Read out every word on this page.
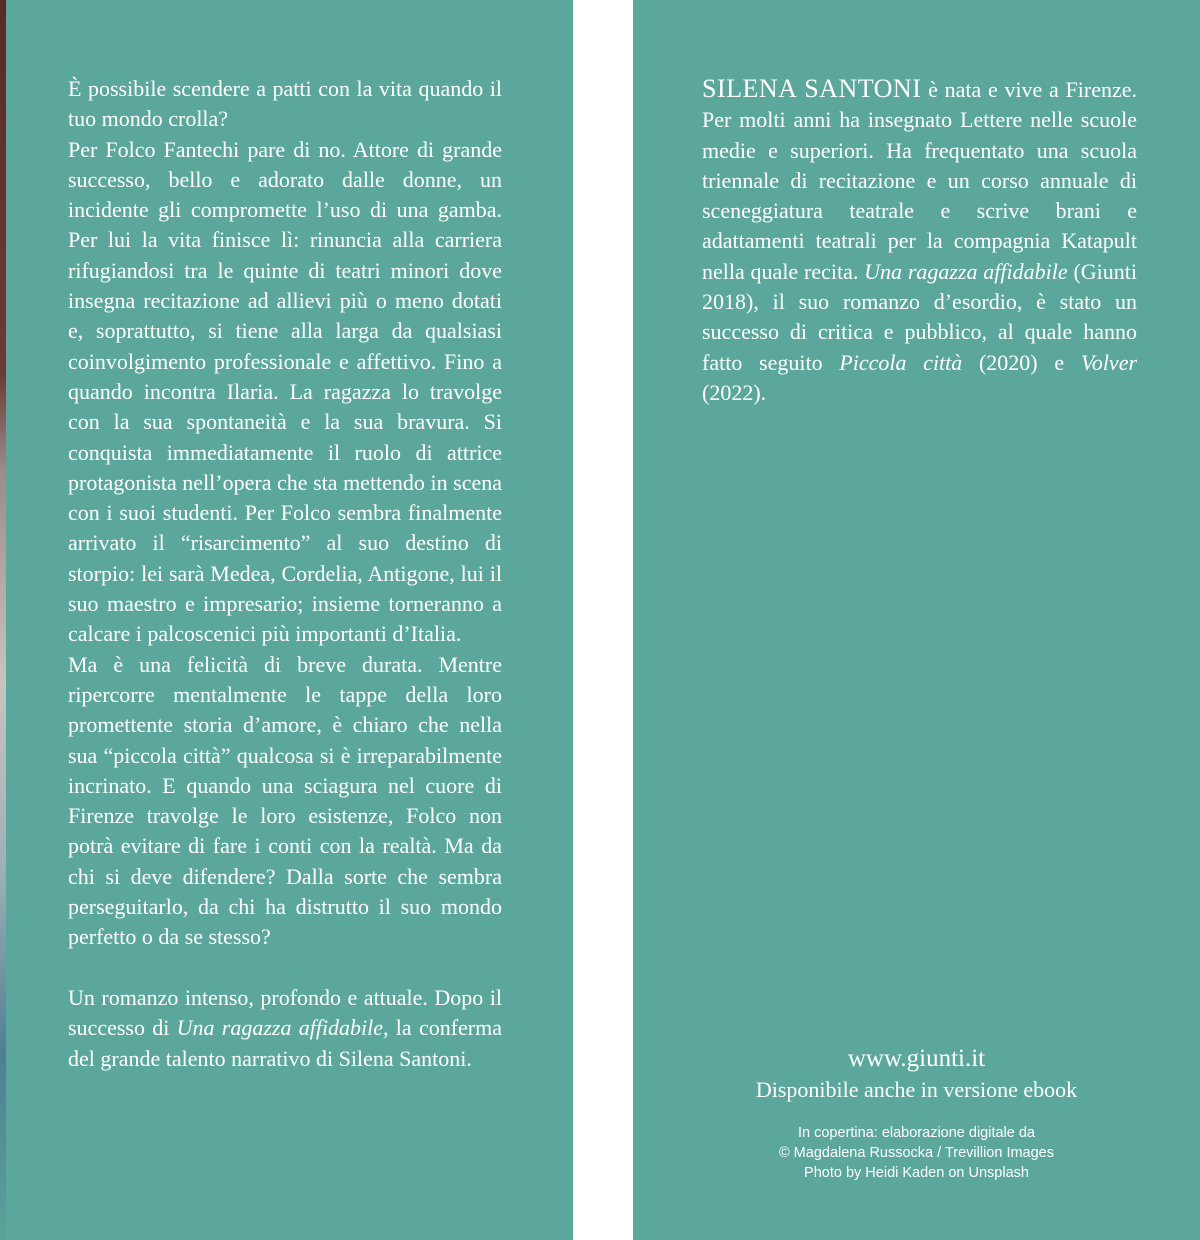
È possibile scendere a patti con la vita quando il tuo mondo crolla?

Per Folco Fantechi pare di no. Attore di grande successo, bello e adorato dalle donne, un incidente gli compromette l’uso di una gamba. Per lui la vita finisce lì: rinuncia alla carriera rifugiandosi tra le quinte di teatri minori dove insegna recitazione ad allievi più o meno dotati e, soprattutto, si tiene alla larga da qualsiasi coinvolgimento professionale e affettivo. Fino a quando incontra Ilaria. La ragazza lo travolge con la sua spontaneità e la sua bravura. Si conquista immediatamente il ruolo di attrice protagonista nell’opera che sta mettendo in scena con i suoi studenti. Per Folco sembra finalmente arrivato il “risarcimento” al suo destino di storpio: lei sarà Medea, Cordelia, Antigone, lui il suo maestro e impresario; insieme torneranno a calcare i palcoscenici più importanti d’Italia.

Ma è una felicità di breve durata. Mentre ripercorre mentalmente le tappe della loro promettente storia d’amore, è chiaro che nella sua “piccola città” qualcosa si è irreparabilmente incrinato. E quando una sciagura nel cuore di Firenze travolge le loro esistenze, Folco non potrà evitare di fare i conti con la realtà. Ma da chi si deve difendere? Dalla sorte che sembra perseguitarlo, da chi ha distrutto il suo mondo perfetto o da se stesso?

Un romanzo intenso, profondo e attuale. Dopo il successo di Una ragazza affidabile, la conferma del grande talento narrativo di Silena Santoni.

SILENA SANTONI è nata e vive a Firenze. Per molti anni ha insegnato Lettere nelle scuole medie e superiori. Ha frequentato una scuola triennale di recitazione e un corso annuale di sceneggiatura teatrale e scrive brani e adattamenti teatrali per la compagnia Katapult nella quale recita. Una ragazza affidabile (Giunti 2018), il suo romanzo d’esordio, è stato un successo di critica e pubblico, al quale hanno fatto seguito Piccola città (2020) e Volver (2022).

www.giunti.it
Disponibile anche in versione ebook
In copertina: elaborazione digitale da
© Magdalena Russocka / Trevillion Images
Photo by Heidi Kaden on Unsplash
